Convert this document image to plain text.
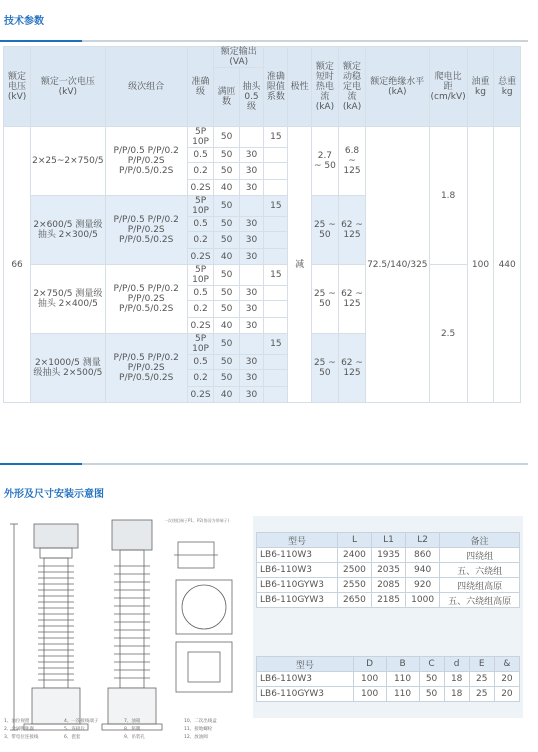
技术参数
额定电压(kV)	额定一次电压(kV)	级次组合	准确级	额定输出(VA)		准确限值系数	极性	额定短时热电流(kA)	额定动稳定电流(kA)	额定绝缘水平(kA)	爬电比距(cm/kV)	油重kg	总重kg
				满匝数	抽头0.5级								
66	2×25~2×750/5	P/P/0.5 P/P/0.2 P/P/0.2S P/P/0.5/0.2S	5P 10P	50		15	减	2.7 ~ 50	6.8 ~ 125	72.5/140/325	1.8	100	440
			0.5	50	30								
			0.2	50	30								
			0.2S	40	30								
	2×600/5 测量级抽头 2×300/5	P/P/0.5 P/P/0.2 P/P/0.2S P/P/0.5/0.2S	5P 10P	50		15		25 ~ 50	62 ~ 125				
			0.5	50	30								
			0.2	50	30								
			0.2S	40	30								
	2×750/5 测量级抽头 2×400/5	P/P/0.5 P/P/0.2 P/P/0.2S P/P/0.5/0.2S	5P 10P	50		15		25 ~ 50	62 ~ 125		2.5		
			0.5	50	30								
			0.2	50	30								
			0.2S	40	30								
	2×1000/5 测量级抽头 2×500/5	P/P/0.5 P/P/0.2 P/P/0.2S P/P/0.5/0.2S	5P 10P	50		15		25 ~ 50	62 ~ 125				
			0.5	50	30								
			0.2	50	30								
			0.2S	40	30								
外形及尺寸安装示意图
一次绕组端子P1、P2(鲁国为带端子)
1、油位视窗
2、金属膨胀器
3、带电位连接线
4、一次接线端子
5、连接片
6、瓷套
7、油箱
8、铭牌
9、吊装孔
10、二次出线盒
11、接地螺栓
12、放油阀
型号	L	L1	L2	备注
LB6-110W3	2400	1935	860	四绕组
LB6-110W3	2500	2035	940	五、六绕组
LB6-110GYW3	2550	2085	920	四绕组高原
LB6-110GYW3	2650	2185	1000	五、六绕组高原
型号	D	B	C	d	E	&
LB6-110W3	100	110	50	18	25	20
LB6-110GYW3	100	110	50	18	25	20
